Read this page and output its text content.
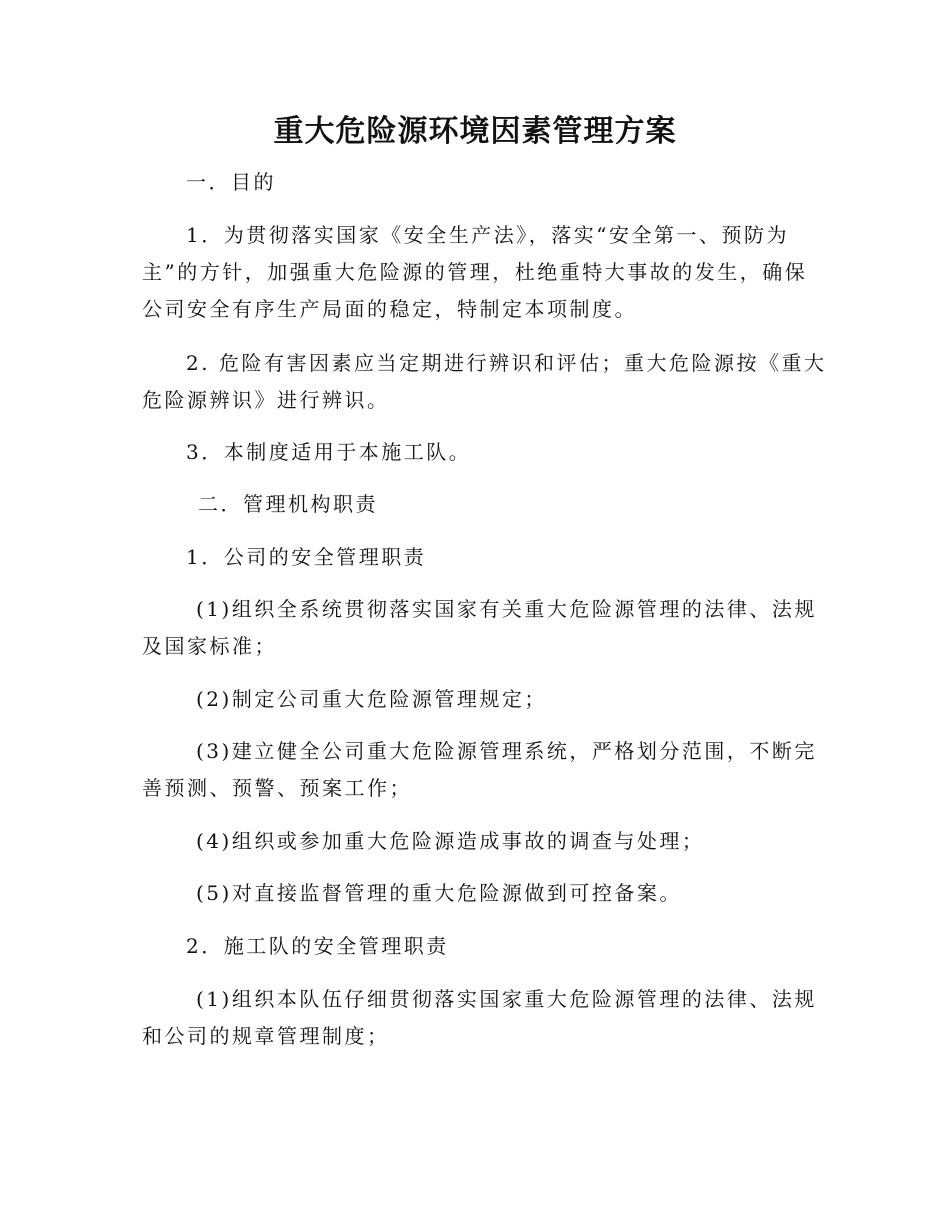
重大危险源环境因素管理方案
一．目的
1．为贯彻落实国家《安全生产法》，落实“安全第一、预防为
主”的方针，加强重大危险源的管理，杜绝重特大事故的发生，确保
公司安全有序生产局面的稳定，特制定本项制度。
2. 危险有害因素应当定期进行辨识和评估；重大危险源按《重大
危险源辨识》进行辨识。
3．本制度适用于本施工队。
二．管理机构职责
1．公司的安全管理职责
(1)组织全系统贯彻落实国家有关重大危险源管理的法律、法规
及国家标准；
(2)制定公司重大危险源管理规定；
(3)建立健全公司重大危险源管理系统，严格划分范围，不断完
善预测、预警、预案工作；
(4)组织或参加重大危险源造成事故的调查与处理；
(5)对直接监督管理的重大危险源做到可控备案。
2．施工队的安全管理职责
(1)组织本队伍仔细贯彻落实国家重大危险源管理的法律、法规
和公司的规章管理制度；
